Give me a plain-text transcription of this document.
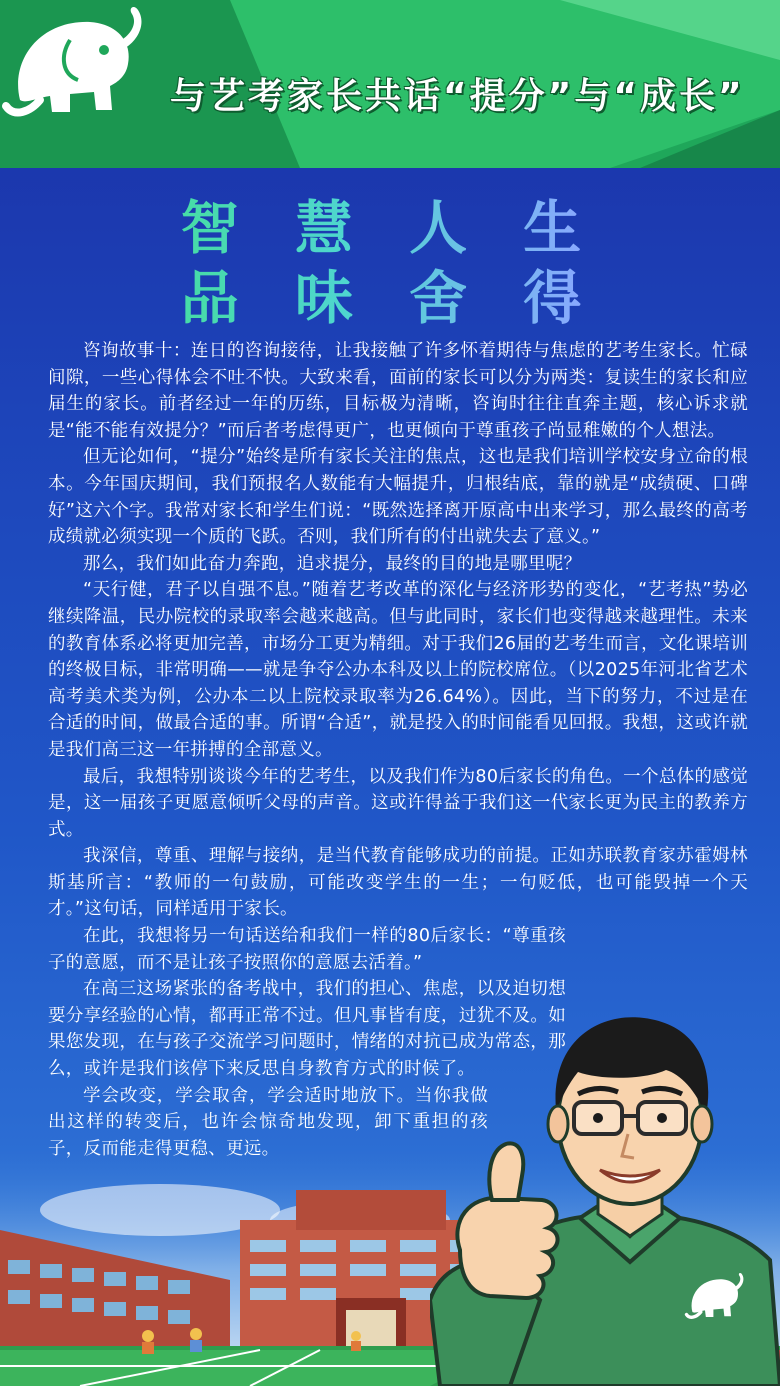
与艺考家长共话“提分”与“成长”
智 慧 人 生
品 味 舍 得

咨询故事十：连日的咨询接待，让我接触了许多怀着期待与焦虑的艺考生家长。忙碌间隙，一些心得体会不吐不快。大致来看，面前的家长可以分为两类：复读生的家长和应届生的家长。前者经过一年的历练，目标极为清晰，咨询时往往直奔主题，核心诉求就是“能不能有效提分？”而后者考虑得更广，也更倾向于尊重孩子尚显稚嫩的个人想法。

但无论如何，“提分”始终是所有家长关注的焦点，这也是我们培训学校安身立命的根本。今年国庆期间，我们预报名人数能有大幅提升，归根结底，靠的就是“成绩硬、口碑好”这六个字。我常对家长和学生们说：“既然选择离开原高中出来学习，那么最终的高考成绩就必须实现一个质的飞跃。否则，我们所有的付出就失去了意义。”

那么，我们如此奋力奔跑，追求提分，最终的目的地是哪里呢？

“天行健，君子以自强不息。”随着艺考改革的深化与经济形势的变化，“艺考热”势必继续降温，民办院校的录取率会越来越高。但与此同时，家长们也变得越来越理性。未来的教育体系必将更加完善，市场分工更为精细。对于我们26届的艺考生而言，文化课培训的终极目标，非常明确——就是争夺公办本科及以上的院校席位。（以2025年河北省艺术高考美术类为例，公办本二以上院校录取率为26.64%）。因此，当下的努力，不过是在合适的时间，做最合适的事。所谓“合适”，就是投入的时间能看见回报。我想，这或许就是我们高三这一年拼搏的全部意义。

最后，我想特别谈谈今年的艺考生，以及我们作为80后家长的角色。一个总体的感觉是，这一届孩子更愿意倾听父母的声音。这或许得益于我们这一代家长更为民主的教养方式。

我深信，尊重、理解与接纳，是当代教育能够成功的前提。正如苏联教育家苏霍姆林斯基所言：“教师的一句鼓励，可能改变学生的一生；一句贬低，也可能毁掉一个天才。”这句话，同样适用于家长。

在此，我想将另一句话送给和我们一样的80后家长：“尊重孩子的意愿，而不是让孩子按照你的意愿去活着。”

在高三这场紧张的备考战中，我们的担心、焦虑，以及迫切想要分享经验的心情，都再正常不过。但凡事皆有度，过犹不及。如果您发现，在与孩子交流学习问题时，情绪的对抗已成为常态，那么，或许是我们该停下来反思自身教育方式的时候了。

学会改变，学会取舍，学会适时地放下。当你我做出这样的转变后，也许会惊奇地发现，卸下重担的孩子，反而能走得更稳、更远。
